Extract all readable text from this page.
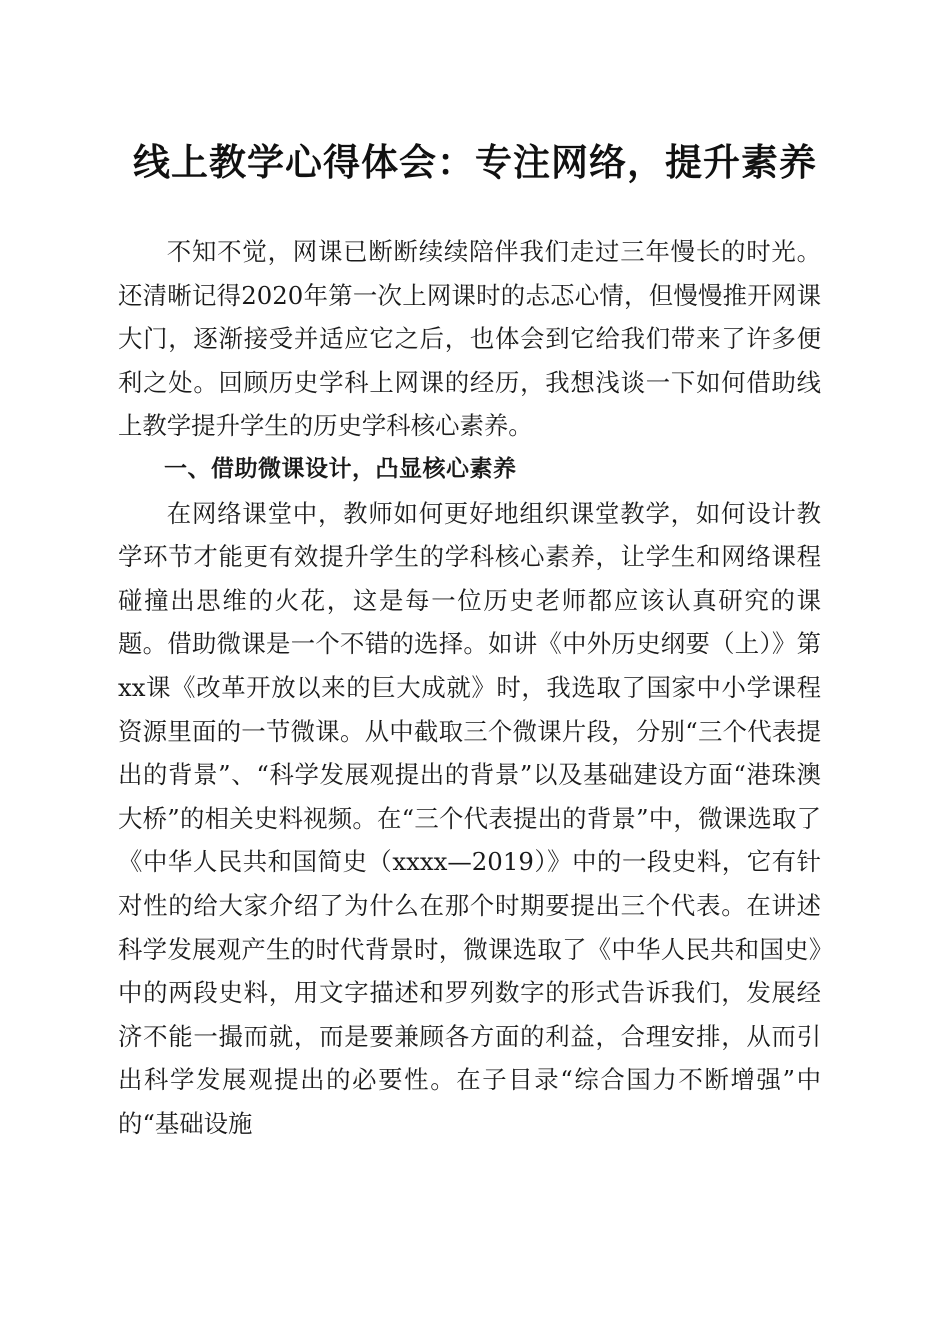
线上教学心得体会：专注网络，提升素养

不知不觉，网课已断断续续陪伴我们走过三年慢长的时光。还清晰记得2020年第一次上网课时的忐忑心情，但慢慢推开网课大门，逐渐接受并适应它之后，也体会到它给我们带来了许多便利之处。回顾历史学科上网课的经历，我想浅谈一下如何借助线上教学提升学生的历史学科核心素养。

一、借助微课设计，凸显核心素养

在网络课堂中，教师如何更好地组织课堂教学，如何设计教学环节才能更有效提升学生的学科核心素养，让学生和网络课程碰撞出思维的火花，这是每一位历史老师都应该认真研究的课题。借助微课是一个不错的选择。如讲《中外历史纲要（上）》第xx课《改革开放以来的巨大成就》时，我选取了国家中小学课程资源里面的一节微课。从中截取三个微课片段，分别“三个代表提出的背景”、“科学发展观提出的背景”以及基础建设方面“港珠澳大桥”的相关史料视频。在“三个代表提出的背景”中，微课选取了《中华人民共和国简史（xxxx—2019）》中的一段史料，它有针对性的给大家介绍了为什么在那个时期要提出三个代表。在讲述科学发展观产生的时代背景时，微课选取了《中华人民共和国史》中的两段史料，用文字描述和罗列数字的形式告诉我们，发展经济不能一撮而就，而是要兼顾各方面的利益，合理安排，从而引出科学发展观提出的必要性。在子目录“综合国力不断增强”中的“基础设施
